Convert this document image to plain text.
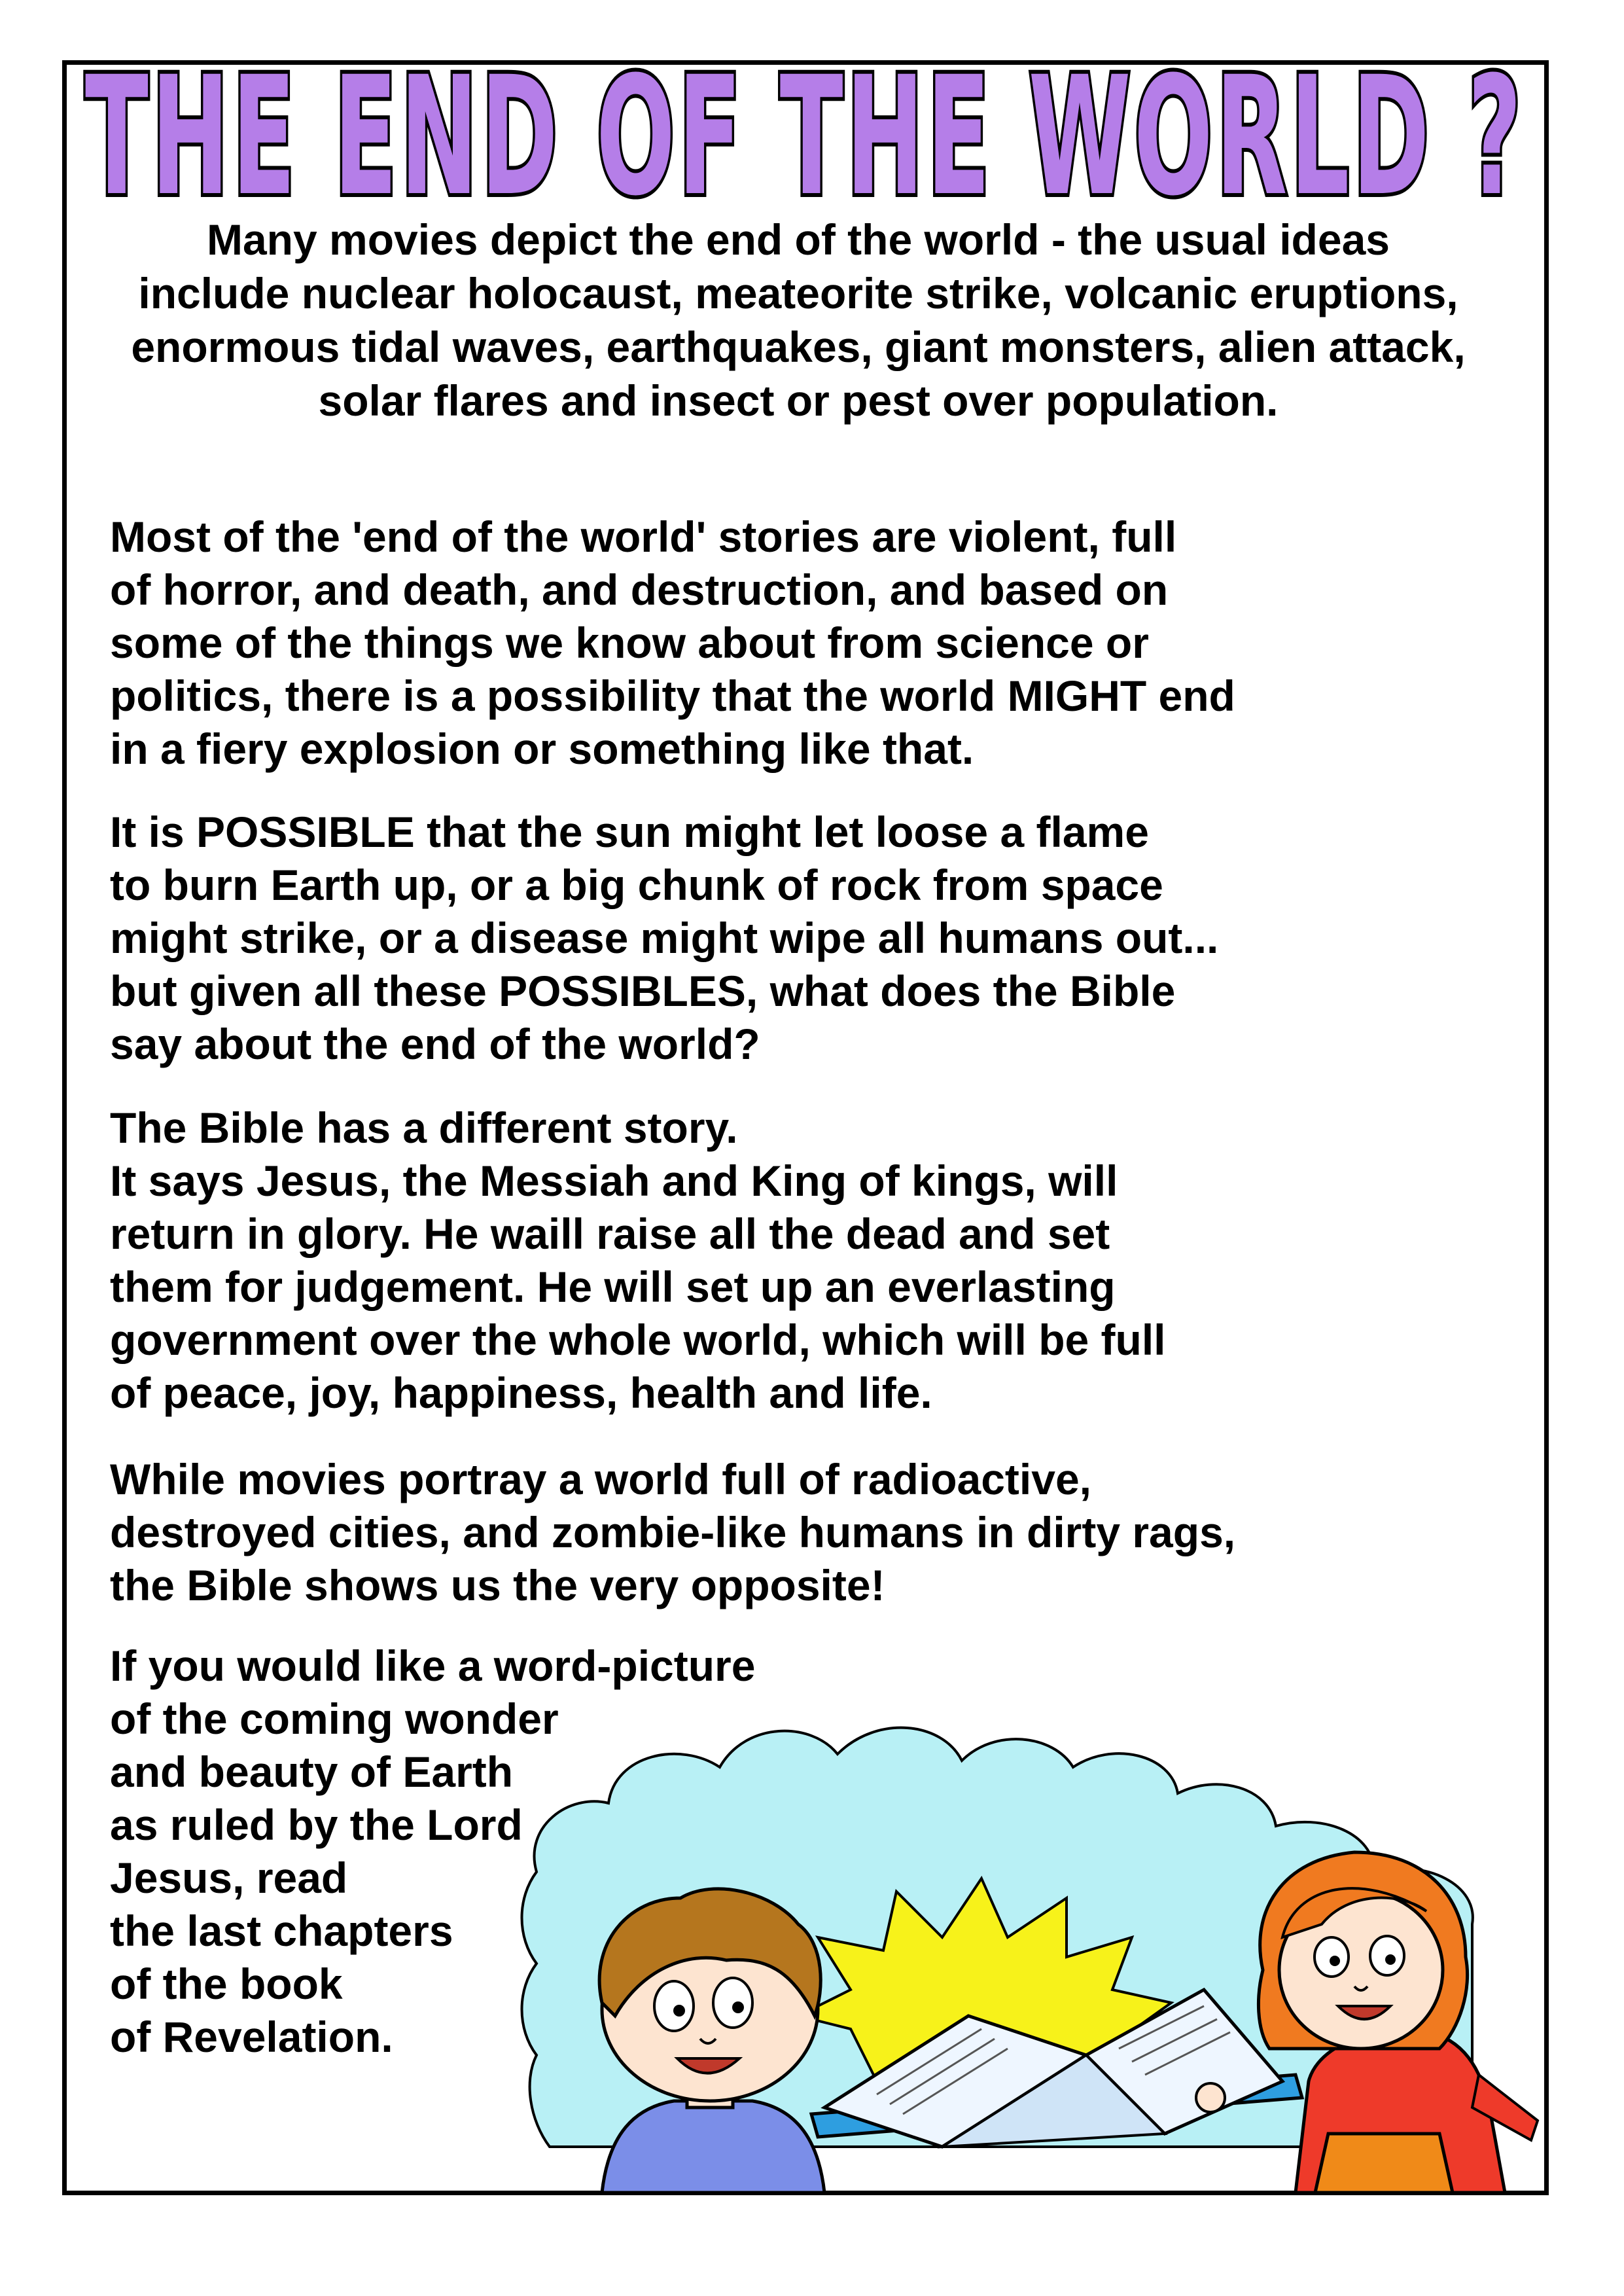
THE END OF THE WORLD ?

Many movies depict the end of the world - the usual ideas include nuclear holocaust, meateorite strike, volcanic eruptions, enormous tidal waves, earthquakes, giant monsters, alien attack, solar flares and insect or pest over population.

Most of the 'end of the world' stories are violent, full
of horror, and death, and destruction, and based on
some of the things we know about from science or
politics, there is a possibility that the world MIGHT end
in a fiery explosion or something like that.

It is POSSIBLE that the sun might let loose a flame
to burn Earth up, or a big chunk of rock from space
might strike, or a disease might wipe all humans out...
but given all these POSSIBLES, what does the Bible
say about the end of the world?

The Bible has a different story.
It says Jesus, the Messiah and King of kings, will
return in glory. He waill raise all the dead and set
them for judgement. He will set up an everlasting
government over the whole world, which will be full
of peace, joy, happiness, health and life.

While movies portray a world full of radioactive,
destroyed cities, and zombie-like humans in dirty rags,
the Bible shows us the very opposite!

If you would like a word-picture
of the coming wonder
and beauty of Earth
as ruled by the Lord
Jesus, read
the last chapters
of the book
of Revelation.
